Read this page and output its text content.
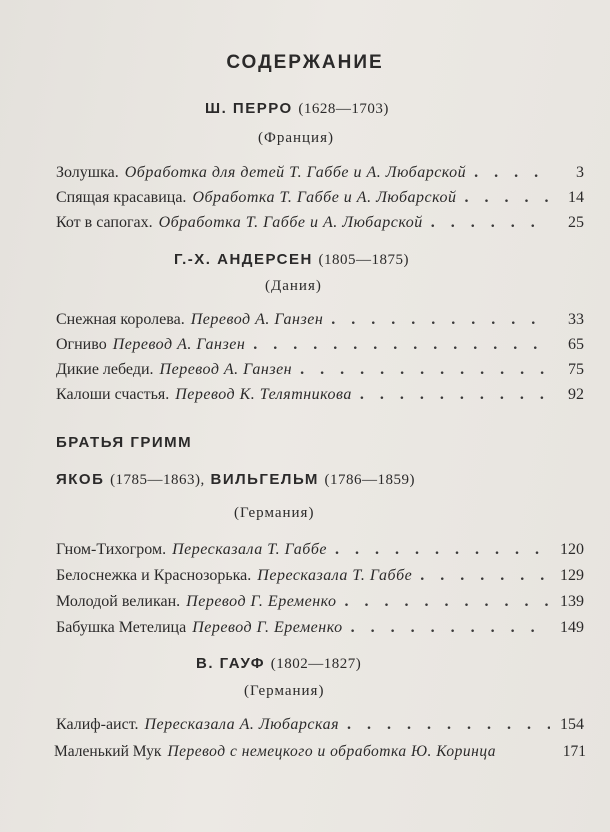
СОДЕРЖАНИЕ
Ш. ПЕРРО (1628—1703)
(Франция)
Золушка. Обработка для детей Т. Габбе и А. Любарской . . .	3
Спящая красавица. Обработка Т. Габбе и А. Любарской . . .	14
Кот в сапогах. Обработка Т. Габбе и А. Любарской . . .	25
Г.-Х. АНДЕРСЕН (1805—1875)
(Дания)
Снежная королева. Перевод А. Ганзен . . .	33
Огниво Перевод А. Ганзен . . .	65
Дикие лебеди. Перевод А. Ганзен . . .	75
Калоши счастья. Перевод К. Телятникова . . .	92
БРАТЬЯ ГРИММ
ЯКОБ (1785—1863), ВИЛЬГЕЛЬМ (1786—1859)
(Германия)
Гном-Тихогром. Пересказала Т. Габбе . . .	120
Белоснежка и Краснозорька. Пересказала Т. Габбе . . .	129
Молодой великан. Перевод Г. Еременко . . .	139
Бабушка Метелица Перевод Г. Еременко . . .	149
В. ГАУФ (1802—1827)
(Германия)
Калиф-аист. Пересказала А. Любарская . . .	154
Маленький Мук Перевод с немецкого и обработка Ю. Коринца	171
